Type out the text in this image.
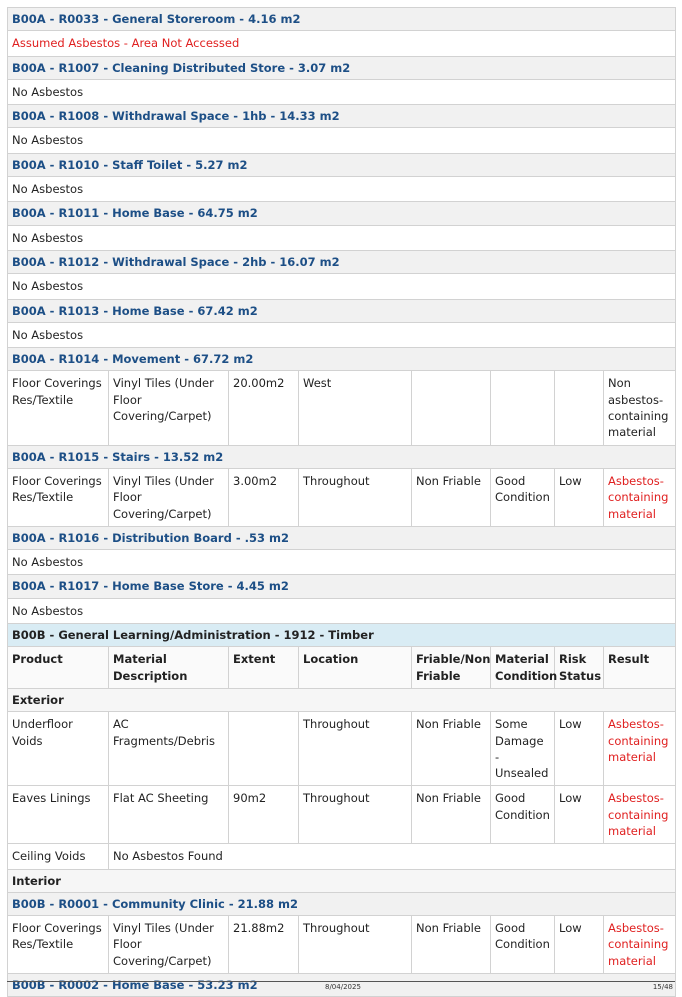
B00A - R0033 - General Storeroom - 4.16 m2							
Assumed Asbestos - Area Not Accessed							
B00A - R1007 - Cleaning Distributed Store - 3.07 m2							
No Asbestos							
B00A - R1008 - Withdrawal Space - 1hb - 14.33 m2							
No Asbestos							
B00A - R1010 - Staff Toilet - 5.27 m2							
No Asbestos							
B00A - R1011 - Home Base - 64.75 m2							
No Asbestos							
B00A - R1012 - Withdrawal Space - 2hb - 16.07 m2							
No Asbestos							
B00A - R1013 - Home Base - 67.42 m2							
No Asbestos							
B00A - R1014 - Movement - 67.72 m2							
Floor Coverings Res/Textile	Vinyl Tiles (Under Floor Covering/Carpet)	20.00m2	West				Non asbestos-containing material
B00A - R1015 - Stairs - 13.52 m2							
Floor Coverings Res/Textile	Vinyl Tiles (Under Floor Covering/Carpet)	3.00m2	Throughout	Non Friable	Good Condition	Low	Asbestos-containing material
B00A - R1016 - Distribution Board - .53 m2							
No Asbestos							
B00A - R1017 - Home Base Store - 4.45 m2							
No Asbestos							
B00B - General Learning/Administration - 1912 - Timber							
Product	Material Description	Extent	Location	Friable/Non Friable	Material Condition	Risk Status	Result
Exterior							
Underfloor Voids	AC Fragments/Debris		Throughout	Non Friable	Some Damage - Unsealed	Low	Asbestos-containing material
Eaves Linings	Flat AC Sheeting	90m2	Throughout	Non Friable	Good Condition	Low	Asbestos-containing material
Ceiling Voids	No Asbestos Found						
Interior							
B00B - R0001 - Community Clinic - 21.88 m2							
Floor Coverings Res/Textile	Vinyl Tiles (Under Floor Covering/Carpet)	21.88m2	Throughout	Non Friable	Good Condition	Low	Asbestos-containing material
B00B - R0002 - Home Base - 53.23 m2								8/04/2025	15/48
